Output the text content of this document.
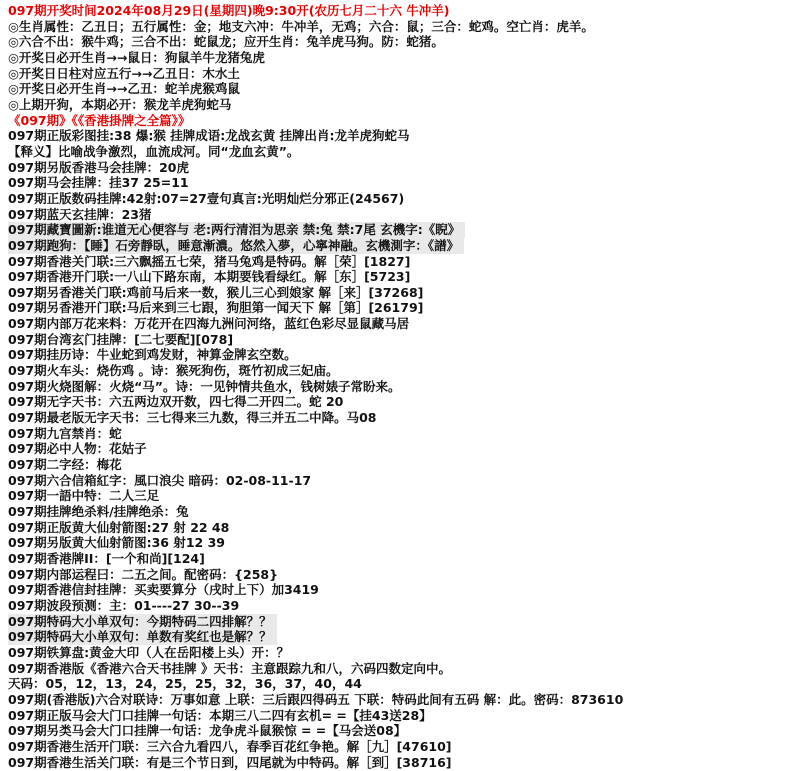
097期开奖时间2024年08月29日(星期四)晚9:30开(农历七月二十六 牛冲羊)
◎生肖属性：乙丑日；五行属性：金；地支六冲：牛冲羊，无鸡；六合：鼠；三合：蛇鸡。空亡肖：虎羊。
◎六合不出：猴牛鸡；三合不出：蛇鼠龙；应开生肖：兔羊虎马狗。防：蛇猪。
◎开奖日必开生肖→→鼠日：狗鼠羊牛龙猪兔虎
◎开奖日日柱对应五行→→乙丑日：木水土
◎开奖日必开生肖→→乙丑：蛇羊虎猴鸡鼠
◎上期开狗，本期必开：猴龙羊虎狗蛇马
《097期》《《香港掛牌之全篇》》
097期正版彩图挂:38 爆:猴 挂牌成语:龙战玄黄 挂牌出肖:龙羊虎狗蛇马
【释义】比喻战争激烈，血流成河。同“龙血玄黄”。
097期另版香港马会挂牌：20虎
097期马会挂牌：挂37 25=11
097期正版数码挂牌:42射:07=27壹句真言:光明灿烂分邪正(24567)
097期蓝天玄挂牌：23猪
097期藏寶圖新:谁道无心便容与 老:两行清泪为思亲 禁:兔 禁:7尾 玄機字:《睨》
097期跑狗：【睡】石旁靜臥，睡意漸濃。悠然入夢，心寧神融。玄機測字：《譜》
097期香港关门联:三六飘摇五七荣，猪马兔鸡是特码。解［荣］[1827]
097期香港开门联:一八山下路东南，本期要钱看绿红。解［东］[5723]
097期另香港关门联:鸡前马后来一数，猴儿三心到娘家 解［来］[37268]
097期另香港开门联:马后来到三七跟，狗胆第一闻天下 解［第］[26179]
097期内部万花来料：万花开在四海九洲问河络，蓝红色彩尽显鼠藏马居
097期台湾玄门挂牌：[二七要配][078]
097期挂历诗：牛业蛇到鸡发财，神算金牌玄空数。
097期火车头：烧伤鸡 。诗：猴死狗伤，斑竹初成三妃庙。
097期火烧图解：火烧“马”。诗：一见钟情共鱼水，钱树婊子常盼来。
097期无字天书：六五两边双开数，四七得二开四二。蛇 20
097期最老版无字天书：三七得来三九数，得三并五二中降。马08
097期九宫禁肖：蛇
097期必中人物：花姑子
097期二字经：梅花
097期六合信箱紅字：風口浪尖 暗码：02-08-11-17
097期一語中特：二人三足
097期挂牌绝杀料/挂牌绝杀：兔
097期正版黄大仙射箭图:27 射 22 48
097期另版黄大仙射箭图:36 射12 39
097期香港牌II：[一个和尚][124]
097期内部运程曰：二五之间。配密码：{258}
097期香港信封挂牌：买卖要算分（戌时上下）加3419
097期波段预测：主：01----27 30--39
097期特码大小单双句：今期特码二四排解？？
097期特码大小单双句：单数有奖红也是解？？
097期铁算盘:黄金大印（人在岳阳楼上头）开：？
097期香港版《香港六合天书挂牌 》天书：主意跟踪九和八，六码四数定向中。
天码：05，12，13，24，25，25，32，36，37，40，44
097期(香港版)六合对联诗：万事如意 上联：三后跟四得码五 下联：特码此间有五码 解：此。密码：873610
097期正版马会大门口挂牌一句话：本期三八二四有玄机= =【挂43送28】
097期另类马会大门口挂牌一句话：龙争虎斗鼠猴惊 = =【马会送08】
097期香港生活开门联：三六合九看四八，春季百花红争艳。解［九］[47610]
097期香港生活关门联：有是三个节日到，四尾就为中特码。解［到］[38716]
